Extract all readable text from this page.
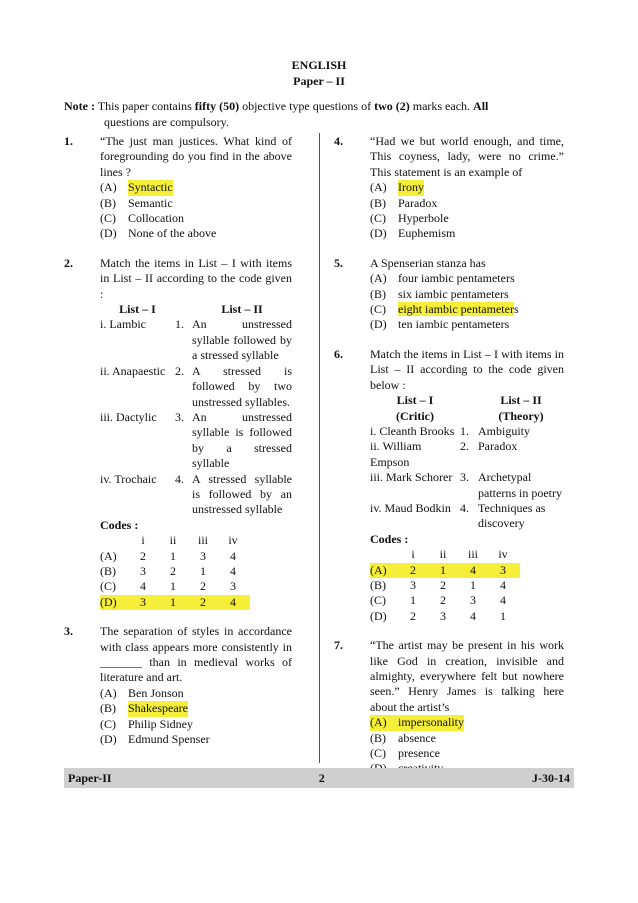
ENGLISH
Paper – II
Note : This paper contains fifty (50) objective type questions of two (2) marks each. All
questions are compulsory.
1. “The just man justices. What kind of foregrounding do you find in the above lines ?
(A) Syntactic
(B)	Semantic
(C)	Collocation
(D) None of the above
2. Match the items in List – I with items in List – II according to the code given :
List – I	List – II
i. Lambic	1. An unstressed syllable followed by a stressed syllable
ii. Anapaestic 2. A stressed is followed by two unstressed syllables.
iii. Dactylic	3. An unstressed syllable is followed by a stressed syllable
iv. Trochaic	4. A stressed syllable is followed by an unstressed syllable
Codes :
i	ii	iii	iv
(A)	2	1	3	4
(B)	3	2	1	4
(C)	4	1	2	3
(D)	3	1	2	4
3. The separation of styles in accordance with class appears more consistently in _______ than in medieval works of literature and art.
(A) Ben Jonson
(B)	Shakespeare
(C)	Philip Sidney
(D) Edmund Spenser
4. “Had we but world enough, and time, This coyness, lady, were no crime.” This statement is an example of
(A) Irony
(B)	Paradox
(C)	Hyperbole
(D) Euphemism
5. A Spenserian stanza has
(A) four iambic pentameters
(B)	six iambic pentameters
(C)	eight iambic pentameters
(D) ten iambic pentameters
6. Match the items in List – I with items in List – II according to the code given below :
List – I	List – II
(Critic)	(Theory)
i. Cleanth Brooks 1. Ambiguity
ii. William Empson
2. Paradox
iii. Mark Schorer 3. Archetypal patterns in poetry
iv. Maud Bodkin 4. Techniques as discovery
Codes :
i	ii	iii	iv
(A)	2	1	4	3
(B)	3	2	1	4
(C)	1	2	3	4
(D)	2	3	4	1
7. “The artist may be present in his work like God in creation, invisible and almighty, everywhere felt but nowhere seen.” Henry James is talking here about the artist’s
(A) impersonality
(B)	absence
(C)	presence
Paper-II	2	J-30-14
